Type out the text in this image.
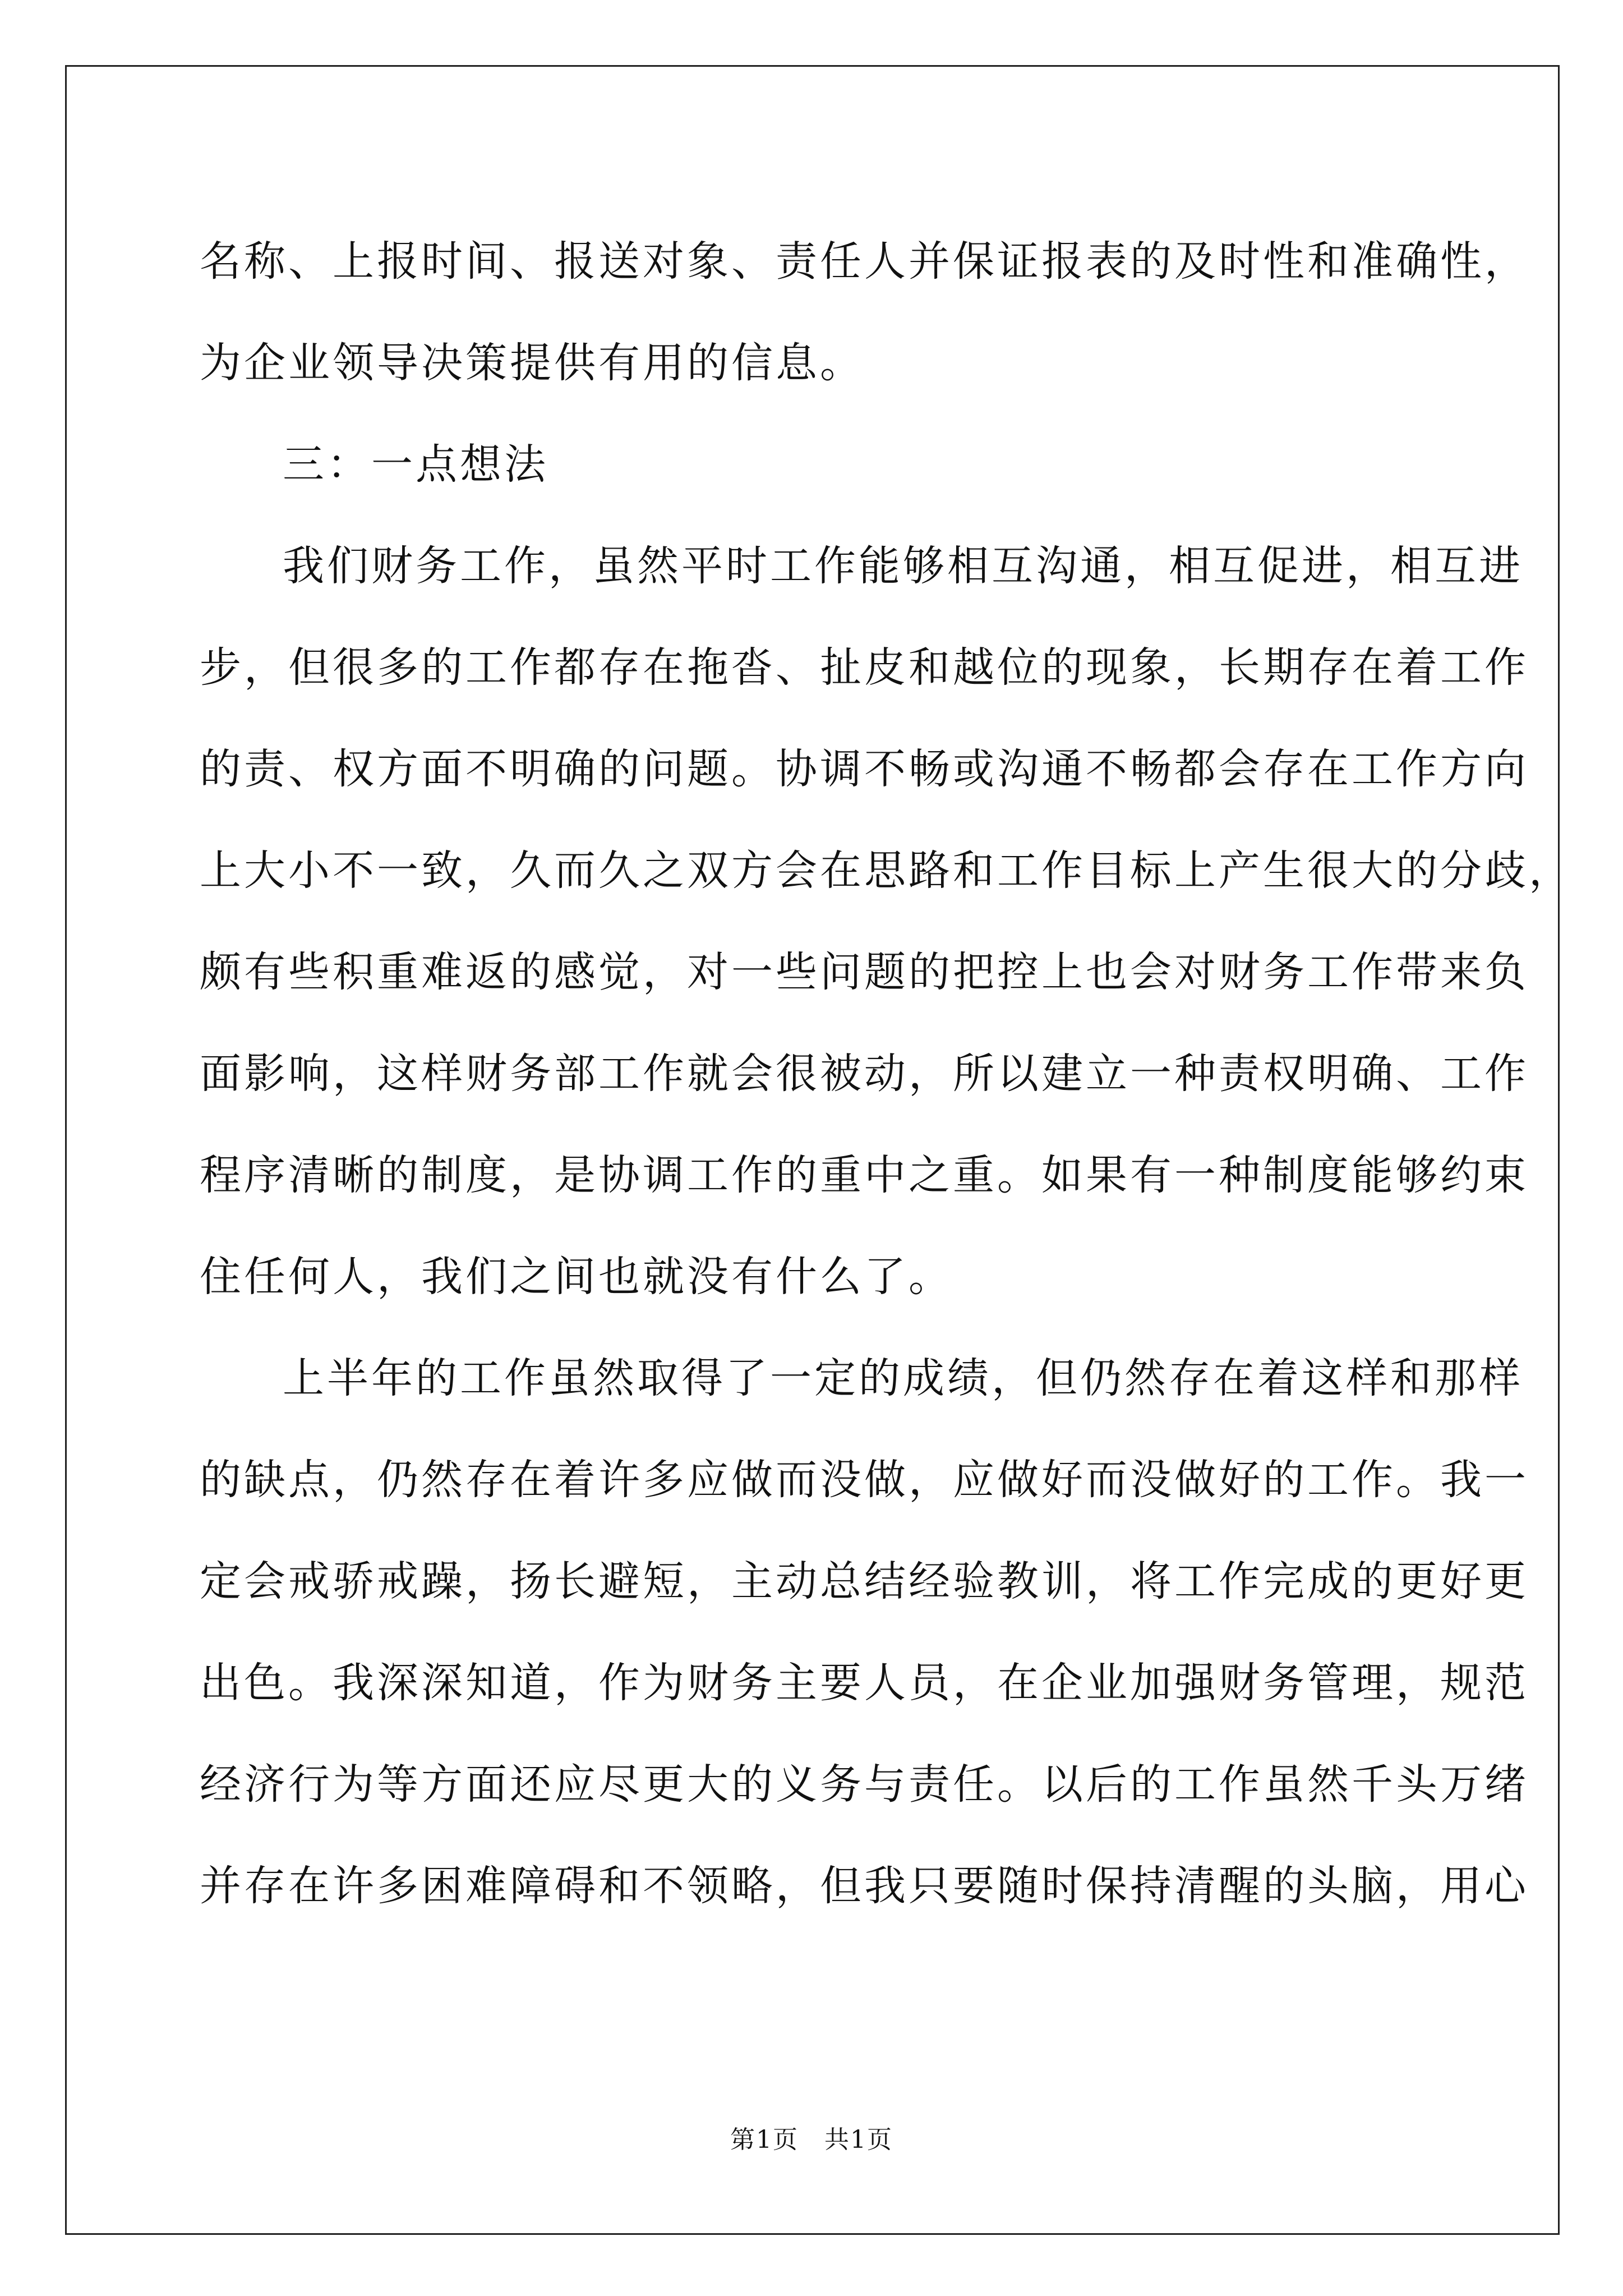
名称、上报时间、报送对象、责任人并保证报表的及时性和准确性，
为企业领导决策提供有用的信息。
三：一点想法
我们财务工作，虽然平时工作能够相互沟通，相互促进，相互进
步，但很多的工作都存在拖沓、扯皮和越位的现象，长期存在着工作
的责、权方面不明确的问题。协调不畅或沟通不畅都会存在工作方向
上大小不一致，久而久之双方会在思路和工作目标上产生很大的分歧，
颇有些积重难返的感觉，对一些问题的把控上也会对财务工作带来负
面影响，这样财务部工作就会很被动，所以建立一种责权明确、工作
程序清晰的制度，是协调工作的重中之重。如果有一种制度能够约束
住任何人，我们之间也就没有什么了。
上半年的工作虽然取得了一定的成绩，但仍然存在着这样和那样
的缺点，仍然存在着许多应做而没做，应做好而没做好的工作。我一
定会戒骄戒躁，扬长避短，主动总结经验教训，将工作完成的更好更
出色。我深深知道，作为财务主要人员，在企业加强财务管理，规范
经济行为等方面还应尽更大的义务与责任。以后的工作虽然千头万绪
并存在许多困难障碍和不领略，但我只要随时保持清醒的头脑，用心
第1页　共1页
